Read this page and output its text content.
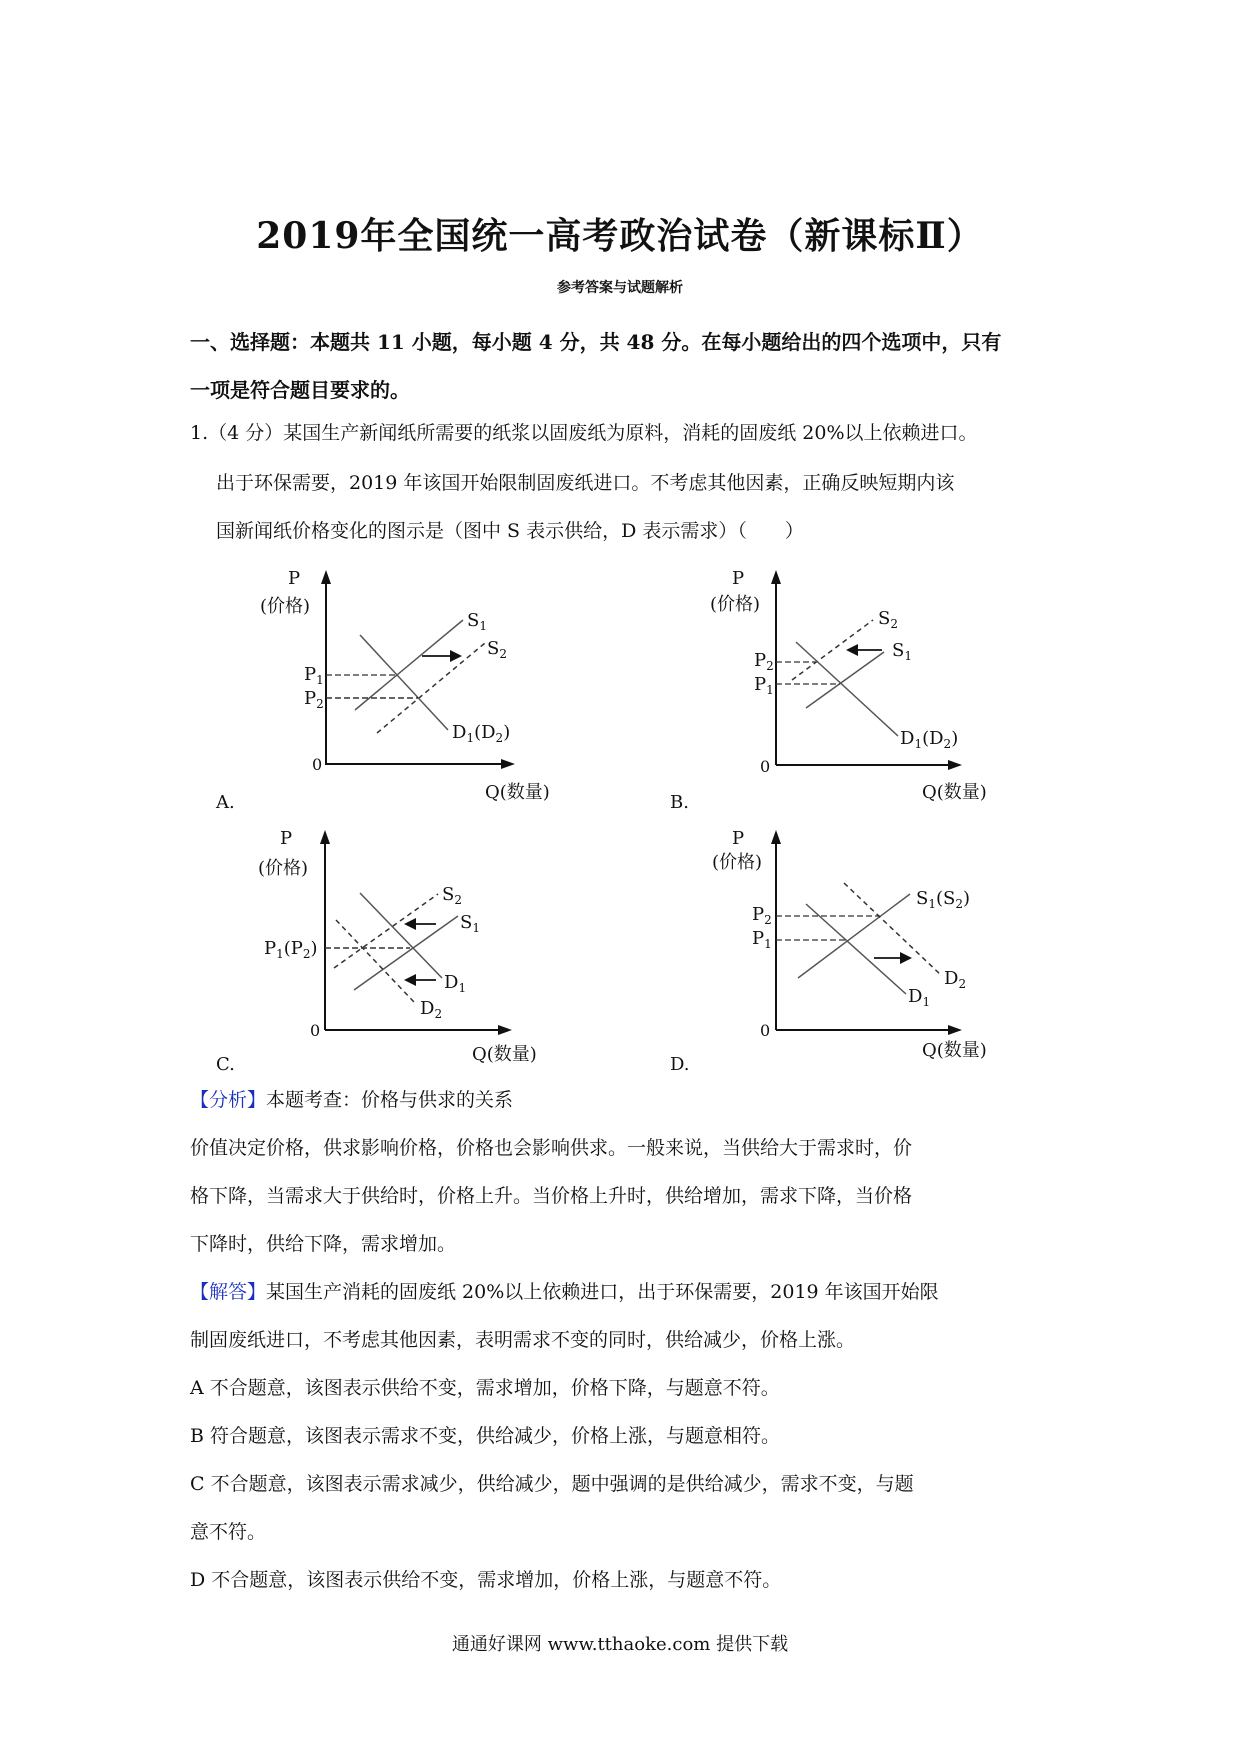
2019年全国统一高考政治试卷（新课标Ⅱ）
参考答案与试题解析
一、选择题：本题共 11 小题，每小题 4 分，共 48 分。在每小题给出的四个选项中，只有
一项是符合题目要求的。
1.（4 分）某国生产新闻纸所需要的纸浆以固废纸为原料，消耗的固废纸 20%以上依赖进口。
出于环保需要，2019 年该国开始限制固废纸进口。不考虑其他因素，正确反映短期内该
国新闻纸价格变化的图示是（图中 S 表示供给，D 表示需求）（　　）
P
(价格)
0
Q(数量)
$S_1$
$S_2$
$D_1(D_2)$
$P_1$
$P_2$
A.
P
(价格)
0
Q(数量)
$S_2$
$S_1$
$D_1(D_2)$
$P_2$
$P_1$
B.
P
(价格)
0
Q(数量)
$S_2$
$S_1$
$D_1$
$D_2$
$P_1(P_2)$
C.
P
(价格)
0
Q(数量)
$S_1(S_2)$
$D_1$
$D_2$
$P_2$
$P_1$
D.
【分析】本题考查：价格与供求的关系
价值决定价格，供求影响价格，价格也会影响供求。一般来说，当供给大于需求时，价
格下降，当需求大于供给时，价格上升。当价格上升时，供给增加，需求下降，当价格
下降时，供给下降，需求增加。
【解答】某国生产消耗的固废纸 20%以上依赖进口，出于环保需要，2019 年该国开始限
制固废纸进口，不考虑其他因素，表明需求不变的同时，供给减少，价格上涨。
A 不合题意，该图表示供给不变，需求增加，价格下降，与题意不符。
B 符合题意，该图表示需求不变，供给减少，价格上涨，与题意相符。
C 不合题意，该图表示需求减少，供给减少，题中强调的是供给减少，需求不变，与题
意不符。
D 不合题意，该图表示供给不变，需求增加，价格上涨，与题意不符。
通通好课网 www.tthaoke.com 提供下载
